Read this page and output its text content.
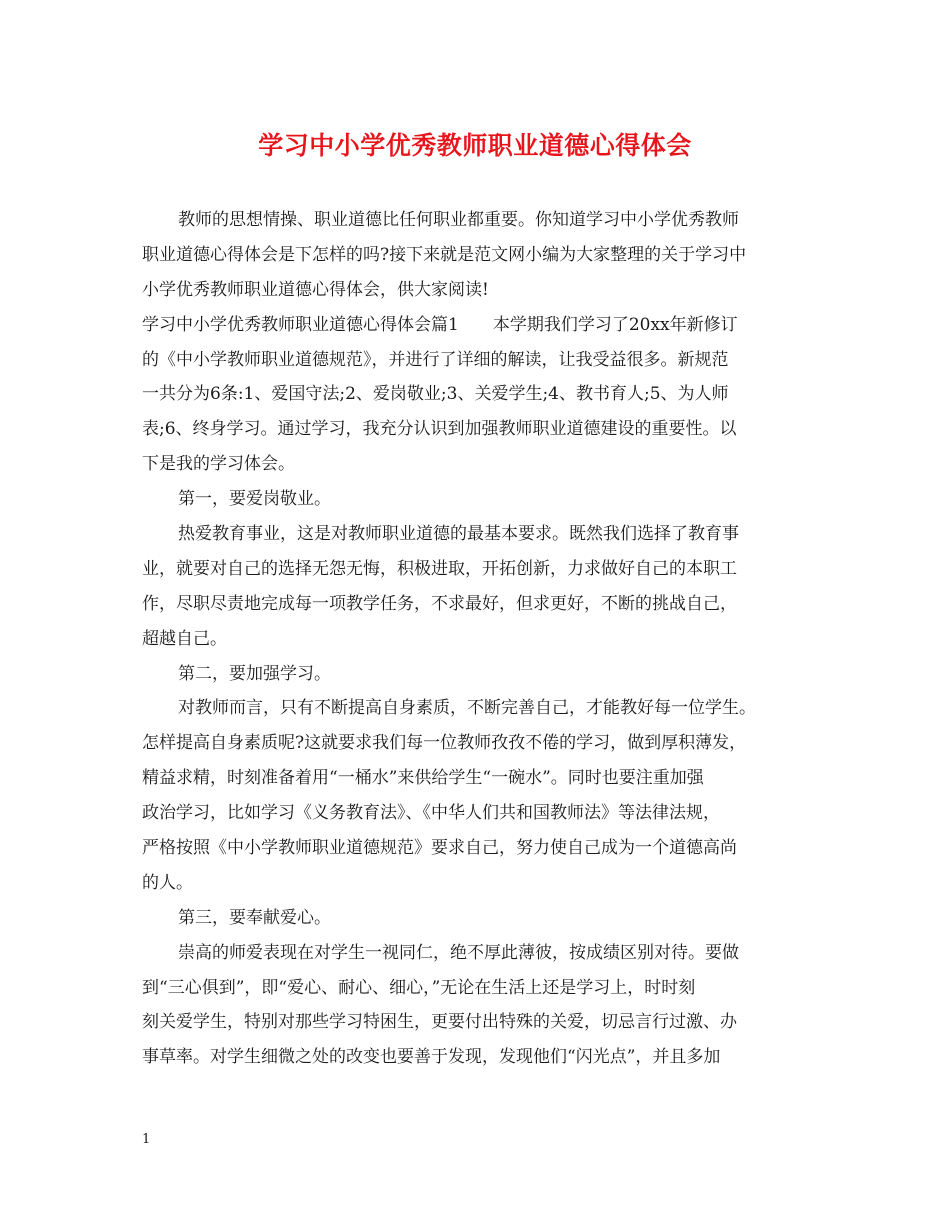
学习中小学优秀教师职业道德心得体会
教师的思想情操、职业道德比任何职业都重要。你知道学习中小学优秀教师
职业道德心得体会是下怎样的吗?接下来就是范文网小编为大家整理的关于学习中
小学优秀教师职业道德心得体会，供大家阅读!
学习中小学优秀教师职业道德心得体会篇1　　本学期我们学习了20xx年新修订
的《中小学教师职业道德规范》，并进行了详细的解读，让我受益很多。新规范
一共分为6条:1、爱国守法;2、爱岗敬业;3、关爱学生;4、教书育人;5、为人师
表;6、终身学习。通过学习，我充分认识到加强教师职业道德建设的重要性。以
下是我的学习体会。
第一，要爱岗敬业。
热爱教育事业，这是对教师职业道德的最基本要求。既然我们选择了教育事
业，就要对自己的选择无怨无悔，积极进取，开拓创新，力求做好自己的本职工
作，尽职尽责地完成每一项教学任务，不求最好，但求更好，不断的挑战自己，
超越自己。
第二，要加强学习。
对教师而言，只有不断提高自身素质，不断完善自己，才能教好每一位学生。
怎样提高自身素质呢?这就要求我们每一位教师孜孜不倦的学习，做到厚积薄发，
精益求精，时刻准备着用“一桶水”来供给学生“一碗水”。同时也要注重加强
政治学习，比如学习《义务教育法》、《中华人们共和国教师法》等法律法规，
严格按照《中小学教师职业道德规范》要求自己，努力使自己成为一个道德高尚
的人。
第三，要奉献爱心。
崇高的师爱表现在对学生一视同仁，绝不厚此薄彼，按成绩区别对待。要做
到“三心俱到”，即“爱心、耐心、细心，”无论在生活上还是学习上，时时刻
刻关爱学生，特别对那些学习特困生，更要付出特殊的关爱，切忌言行过激、办
事草率。对学生细微之处的改变也要善于发现，发现他们“闪光点”，并且多加
1
